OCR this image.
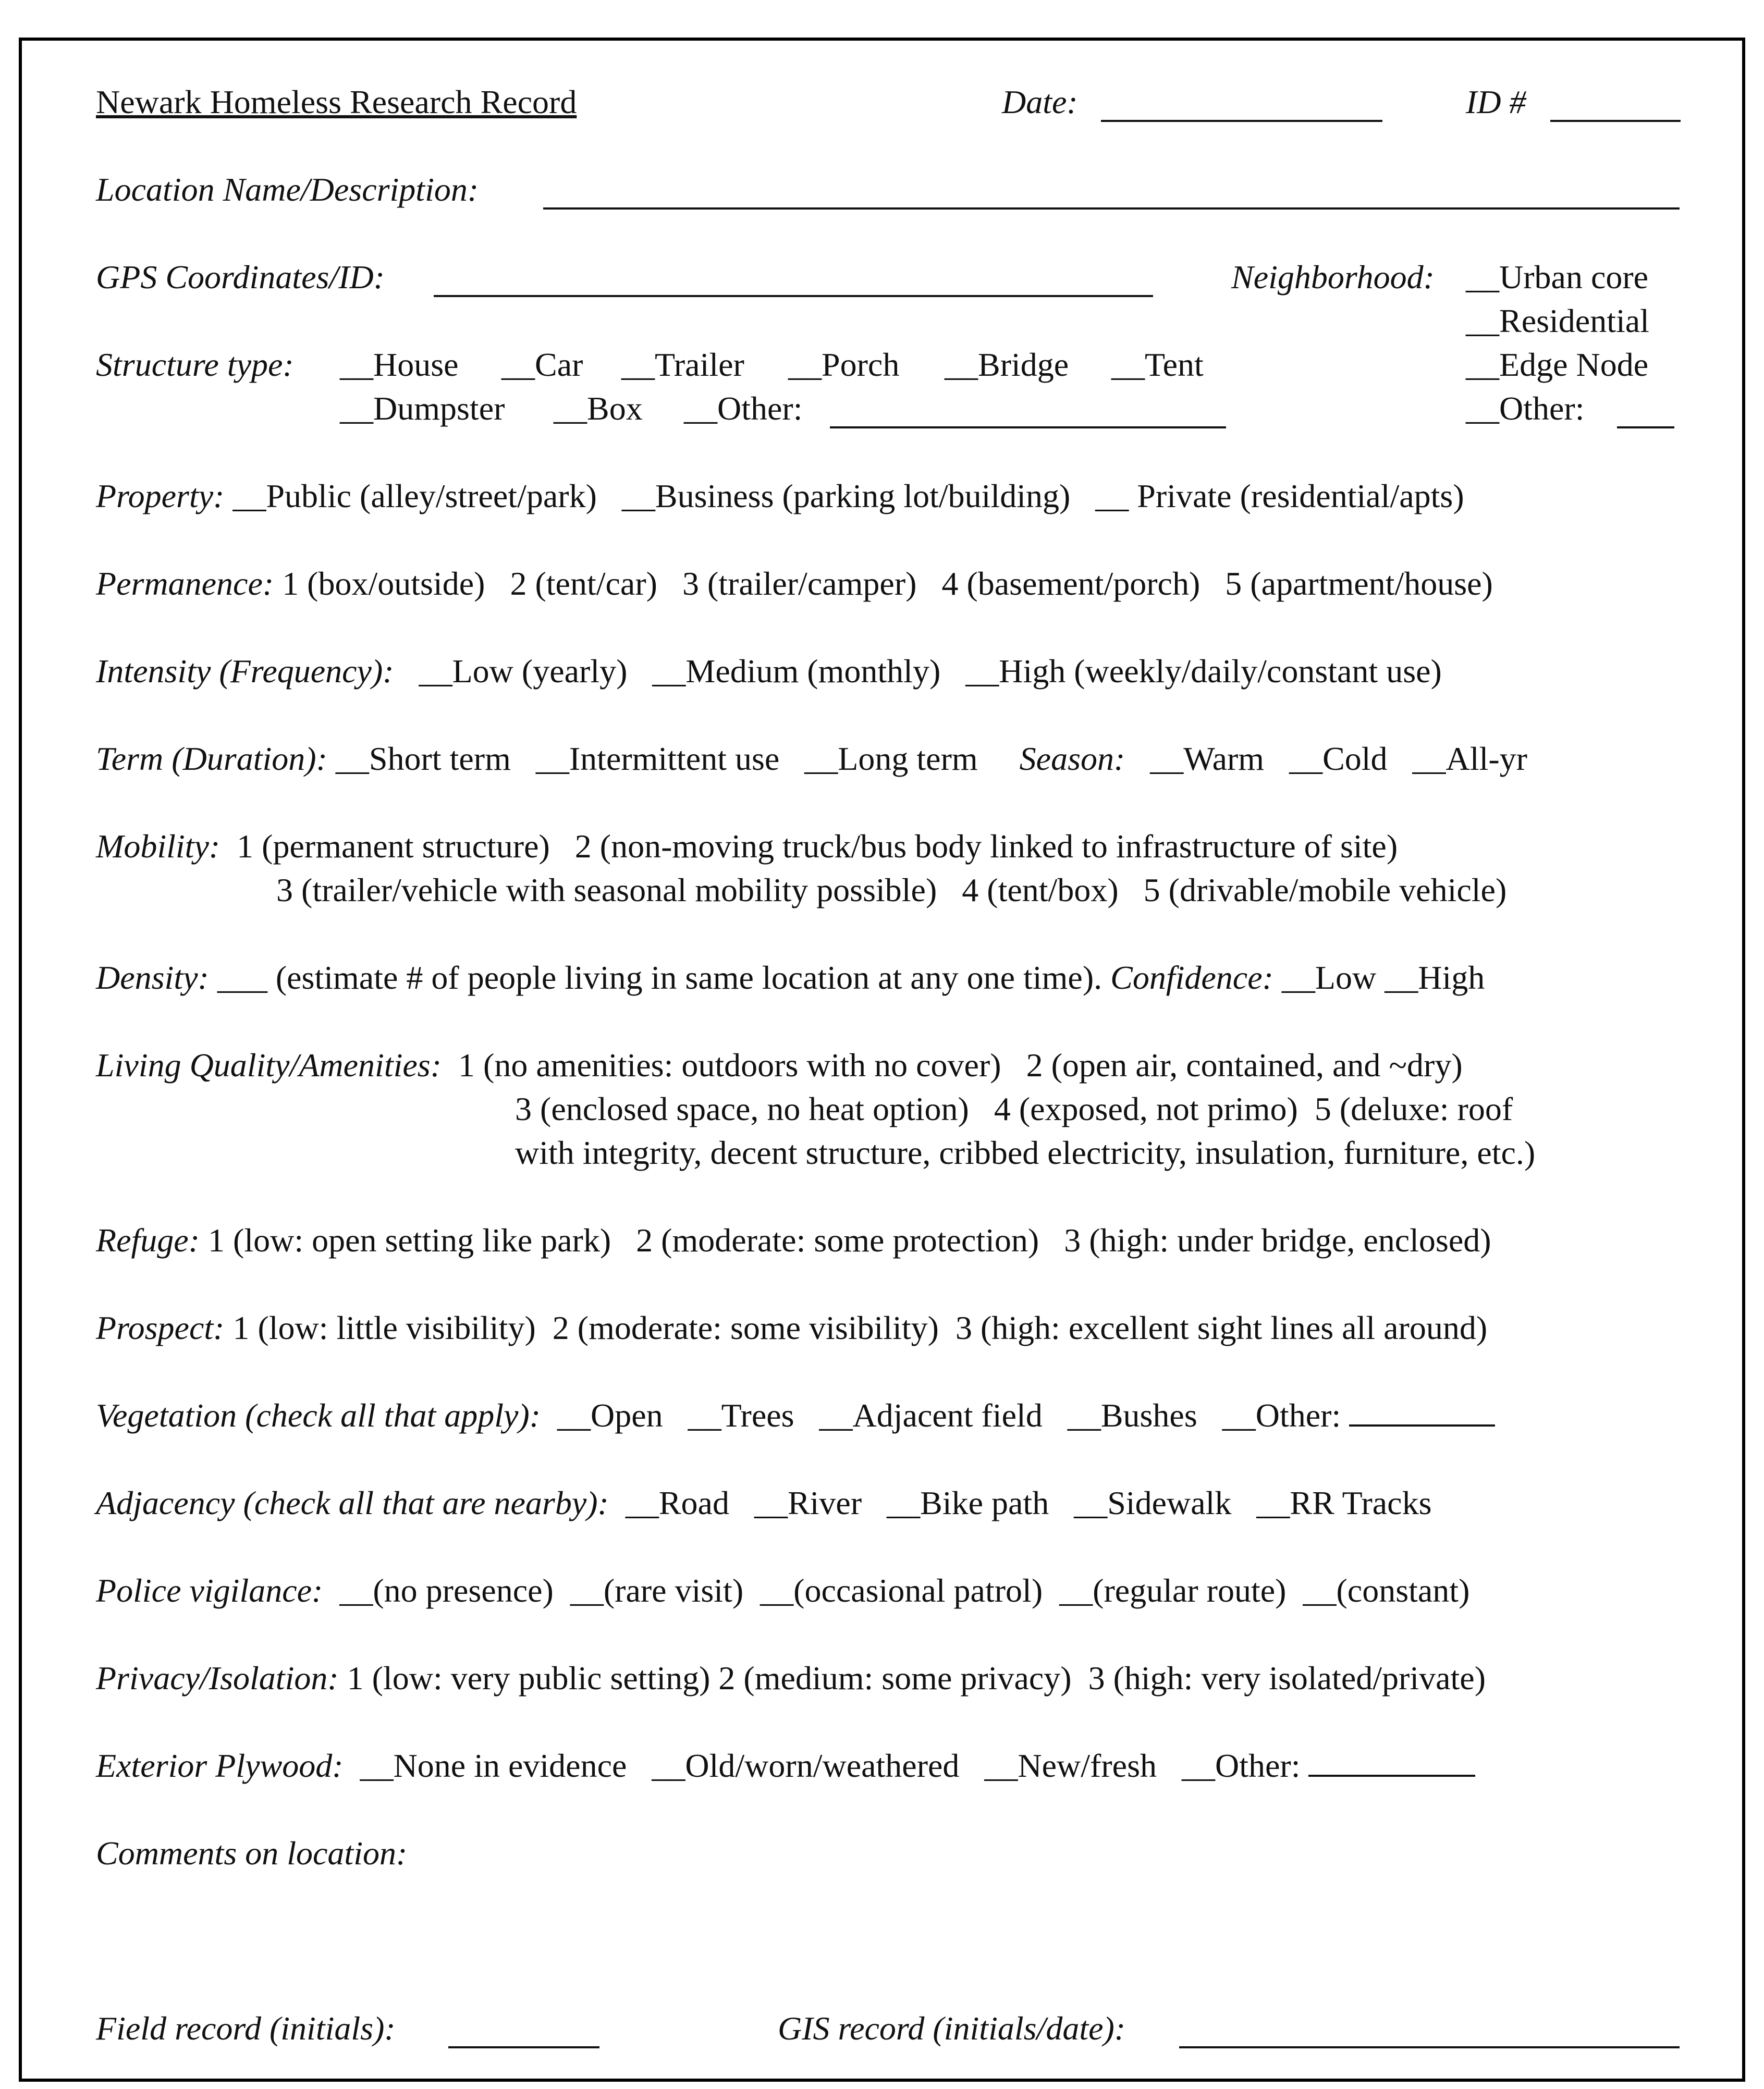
Newark Homeless Research Record	Date:	ID #
Location Name/Description:
GPS Coordinates/ID:	Neighborhood: __Urban core
__Residential
__Edge Node
__Other:
Structure type: __House __Car __Trailer __Porch __Bridge __Tent
__Dumpster __Box __Other:
Property: __Public (alley/street/park) __Business (parking lot/building) __ Private (residential/apts)
Permanence: 1 (box/outside) 2 (tent/car) 3 (trailer/camper) 4 (basement/porch) 5 (apartment/house)
Intensity (Frequency): __Low (yearly) __Medium (monthly) __High (weekly/daily/constant use)
Term (Duration): __Short term __Intermittent use __Long term Season: __Warm __Cold __All-yr
Mobility: 1 (permanent structure) 2 (non-moving truck/bus body linked to infrastructure of site)
3 (trailer/vehicle with seasonal mobility possible) 4 (tent/box) 5 (drivable/mobile vehicle)
Density: ___ (estimate # of people living in same location at any one time). Confidence: __Low __High
Living Quality/Amenities: 1 (no amenities: outdoors with no cover) 2 (open air, contained, and ~dry)
3 (enclosed space, no heat option) 4 (exposed, not primo) 5 (deluxe: roof
with integrity, decent structure, cribbed electricity, insulation, furniture, etc.)
Refuge: 1 (low: open setting like park) 2 (moderate: some protection) 3 (high: under bridge, enclosed)
Prospect: 1 (low: little visibility) 2 (moderate: some visibility) 3 (high: excellent sight lines all around)
Vegetation (check all that apply): __Open __Trees __Adjacent field __Bushes __Other:
Adjacency (check all that are nearby): __Road __River __Bike path __Sidewalk __RR Tracks
Police vigilance: __(no presence) __(rare visit) __(occasional patrol) __(regular route) __(constant)
Privacy/Isolation: 1 (low: very public setting) 2 (medium: some privacy) 3 (high: very isolated/private)
Exterior Plywood: __None in evidence __Old/worn/weathered __New/fresh __Other:
Comments on location:
Field record (initials):	GIS record (initials/date):
